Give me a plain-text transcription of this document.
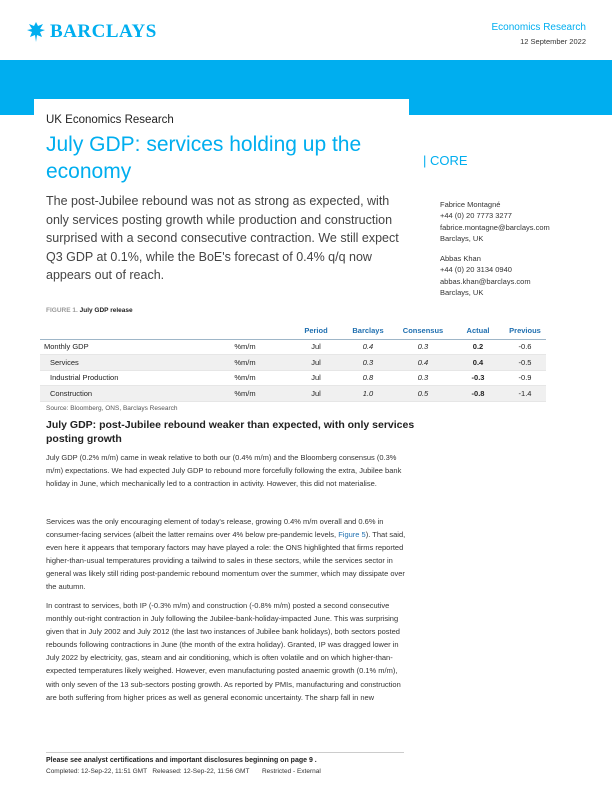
BARCLAYS	Economics Research
12 September 2022
UK Economics Research
July GDP: services holding up the economy

The post-Jubilee rebound was not as strong as expected, with only services posting growth while production and construction surprised with a second consecutive contraction. We still expect Q3 GDP at 0.1%, while the BoE's forecast of 0.4% q/q now appears out of reach.

| CORE
Fabrice Montagné
+44 (0) 20 7773 3277
fabrice.montagne@barclays.com
Barclays, UK
Abbas Khan
+44 (0) 20 3134 0940
abbas.khan@barclays.com
Barclays, UK
FIGURE 1. July GDP release
		Period	Barclays	Consensus	Actual	Previous
Monthly GDP	%m/m	Jul	0.4	0.3	0.2	-0.6
Services	%m/m	Jul	0.3	0.4	0.4	-0.5
Industrial Production	%m/m	Jul	0.8	0.3	-0.3	-0.9
Construction	%m/m	Jul	1.0	0.5	-0.8	-1.4
Source: Bloomberg, ONS, Barclays Research
July GDP: post-Jubilee rebound weaker than expected, with only services posting growth

July GDP (0.2% m/m) came in weak relative to both our (0.4% m/m) and the Bloomberg consensus (0.3% m/m) expectations. We had expected July GDP to rebound more forcefully following the extra, Jubilee bank holiday in June, which mechanically led to a contraction in activity. However, this did not materialise.

Services was the only encouraging element of today's release, growing 0.4% m/m overall and 0.6% in consumer-facing services (albeit the latter remains over 4% below pre-pandemic levels, Figure 5). That said, even here it appears that temporary factors may have played a role: the ONS highlighted that firms reported higher-than-usual temperatures providing a tailwind to sales in these sectors, while the services sector in general was likely still riding post-pandemic rebound momentum over the summer, which may dissipate over the autumn.

In contrast to services, both IP (-0.3% m/m) and construction (-0.8% m/m) posted a second consecutive monthly out-right contraction in July following the Jubilee-bank-holiday-impacted June. This was surprising given that in July 2002 and July 2012 (the last two instances of Jubilee bank holidays), both sectors posted rebounds following contractions in June (the month of the extra holiday). Granted, IP was dragged lower in July 2022 by electricity, gas, steam and air conditioning, which is often volatile and on which higher-than-expected temperatures likely weighed. However, even manufacturing posted anaemic growth (0.1% m/m), with only seven of the 13 sub-sectors posting growth. As reported by PMIs, manufacturing and construction are both suffering from higher prices as well as general economic uncertainty. The sharp fall in new

Please see analyst certifications and important disclosures beginning on page 9 .
Completed: 12-Sep-22, 11:51 GMT   Released: 12-Sep-22, 11:56 GMT       Restricted - External
